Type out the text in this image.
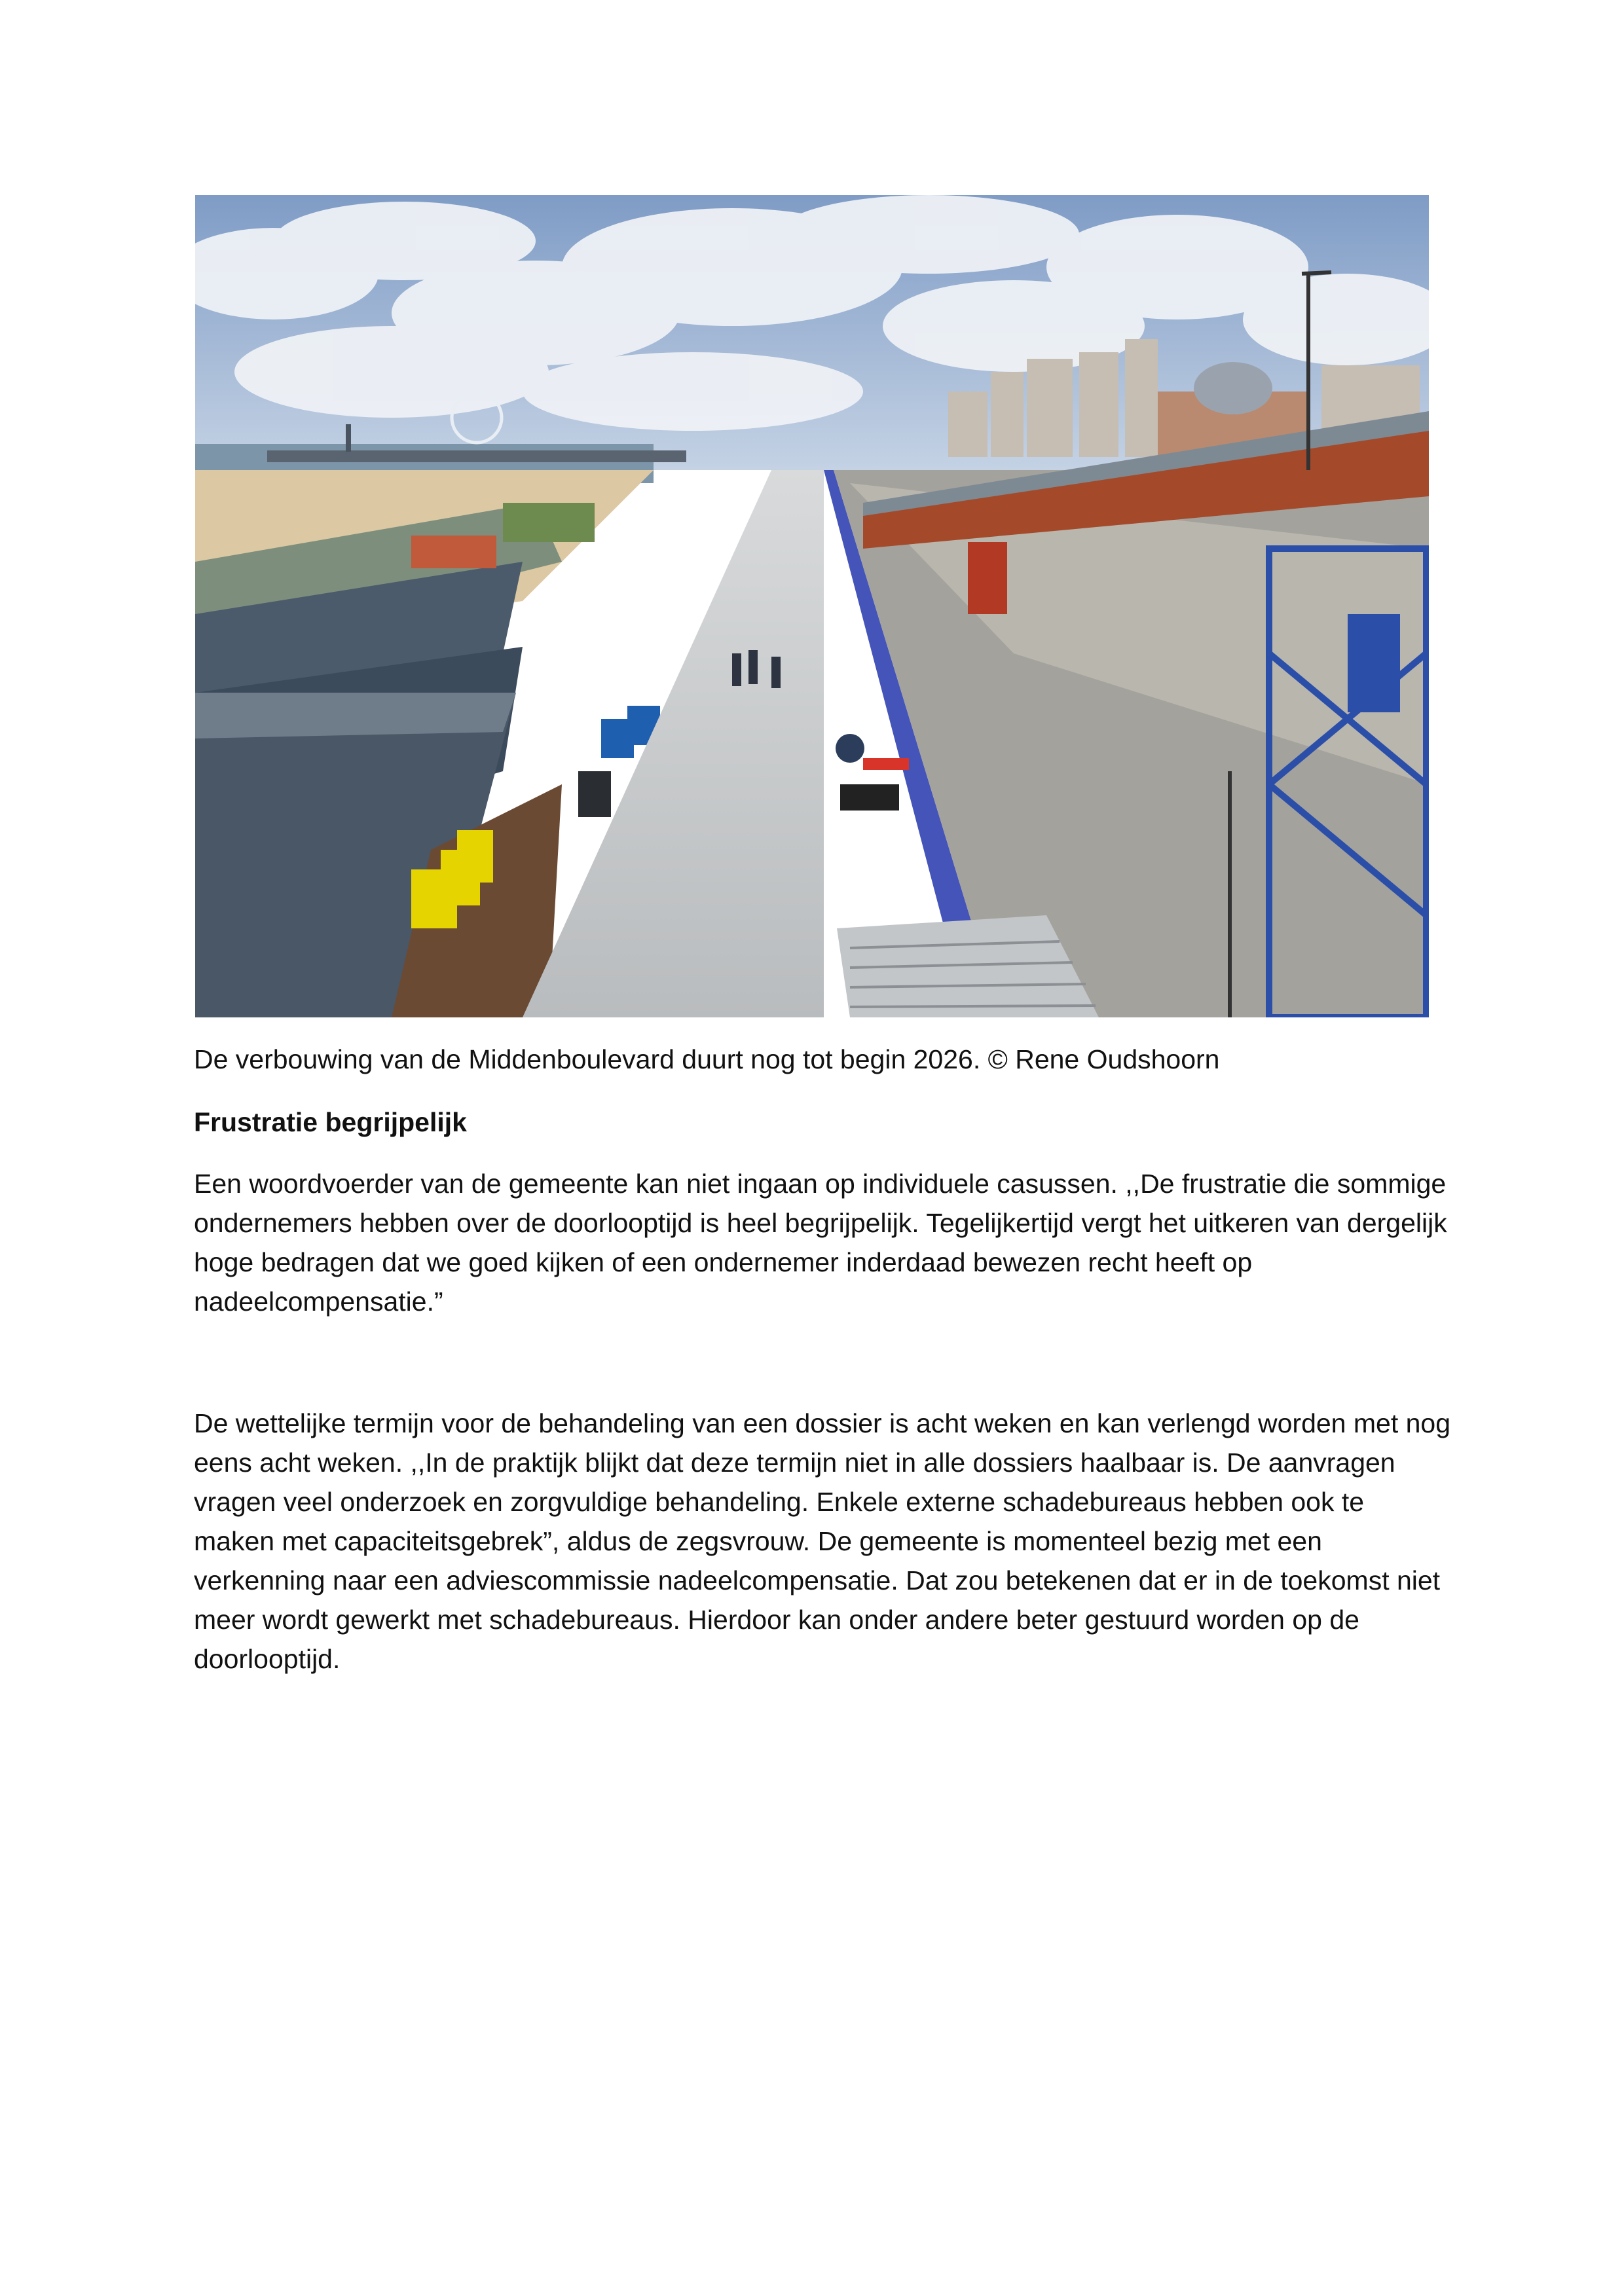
De verbouwing van de Middenboulevard duurt nog tot begin 2026. © Rene Oudshoorn
Frustratie begrijpelijk

Een woordvoerder van de gemeente kan niet ingaan op individuele casussen. ,,De frustratie die sommige ondernemers hebben over de doorlooptijd is heel begrijpelijk. Tegelijkertijd vergt het uitkeren van dergelijk hoge bedragen dat we goed kijken of een ondernemer inderdaad bewezen recht heeft op nadeelcompensatie.”

De wettelijke termijn voor de behandeling van een dossier is acht weken en kan verlengd worden met nog eens acht weken. ,,In de praktijk blijkt dat deze termijn niet in alle dossiers haalbaar is. De aanvragen vragen veel onderzoek en zorgvuldige behandeling. Enkele externe schadebureaus hebben ook te maken met capaciteitsgebrek”, aldus de zegsvrouw. De gemeente is momenteel bezig met een verkenning naar een adviescommissie nadeelcompensatie. Dat zou betekenen dat er in de toekomst niet meer wordt gewerkt met schadebureaus. Hierdoor kan onder andere beter gestuurd worden op de doorlooptijd.
